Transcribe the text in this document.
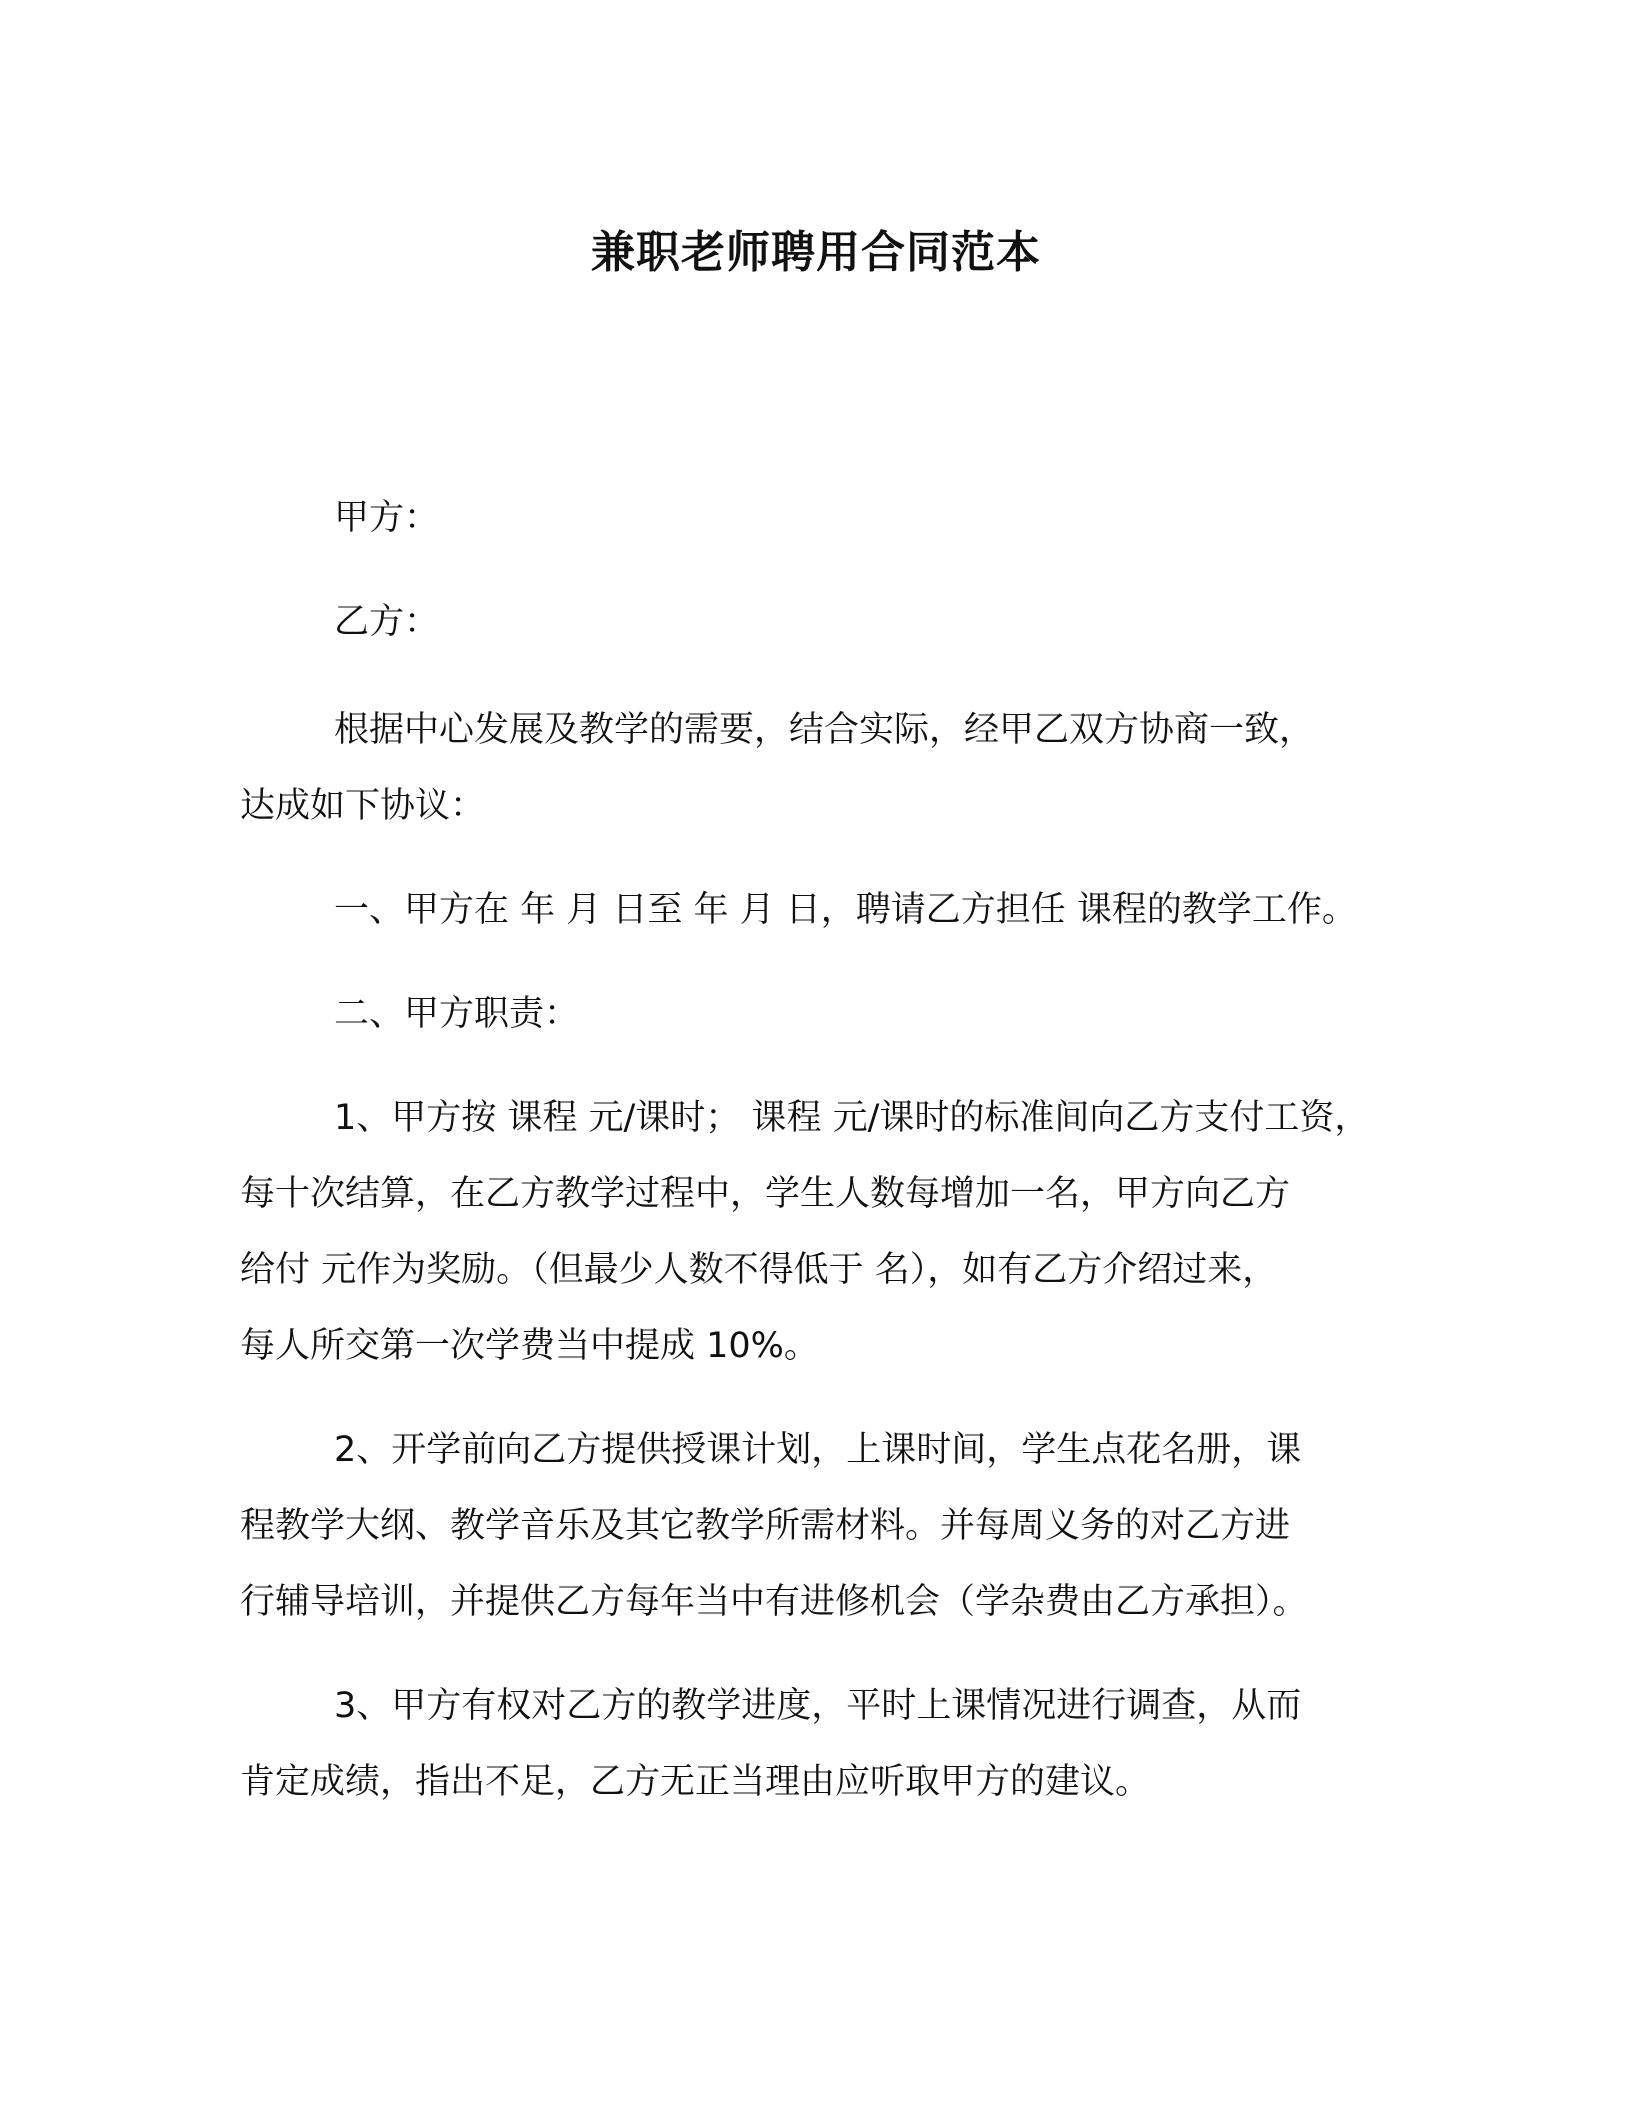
兼职老师聘用合同范本

甲方：

乙方：

根据中心发展及教学的需要，结合实际，经甲乙双方协商一致，
达成如下协议：

一、甲方在 年 月 日至 年 月 日，聘请乙方担任 课程的教学工作。

二、甲方职责：

1、甲方按 课程 元/课时； 课程 元/课时的标准间向乙方支付工资，
每十次结算，在乙方教学过程中，学生人数每增加一名，甲方向乙方
给付 元作为奖励。（但最少人数不得低于 名），如有乙方介绍过来，
每人所交第一次学费当中提成 10%。

2、开学前向乙方提供授课计划，上课时间，学生点花名册，课
程教学大纲、教学音乐及其它教学所需材料。并每周义务的对乙方进
行辅导培训，并提供乙方每年当中有进修机会（学杂费由乙方承担）。

3、甲方有权对乙方的教学进度，平时上课情况进行调查，从而
肯定成绩，指出不足，乙方无正当理由应听取甲方的建议。
